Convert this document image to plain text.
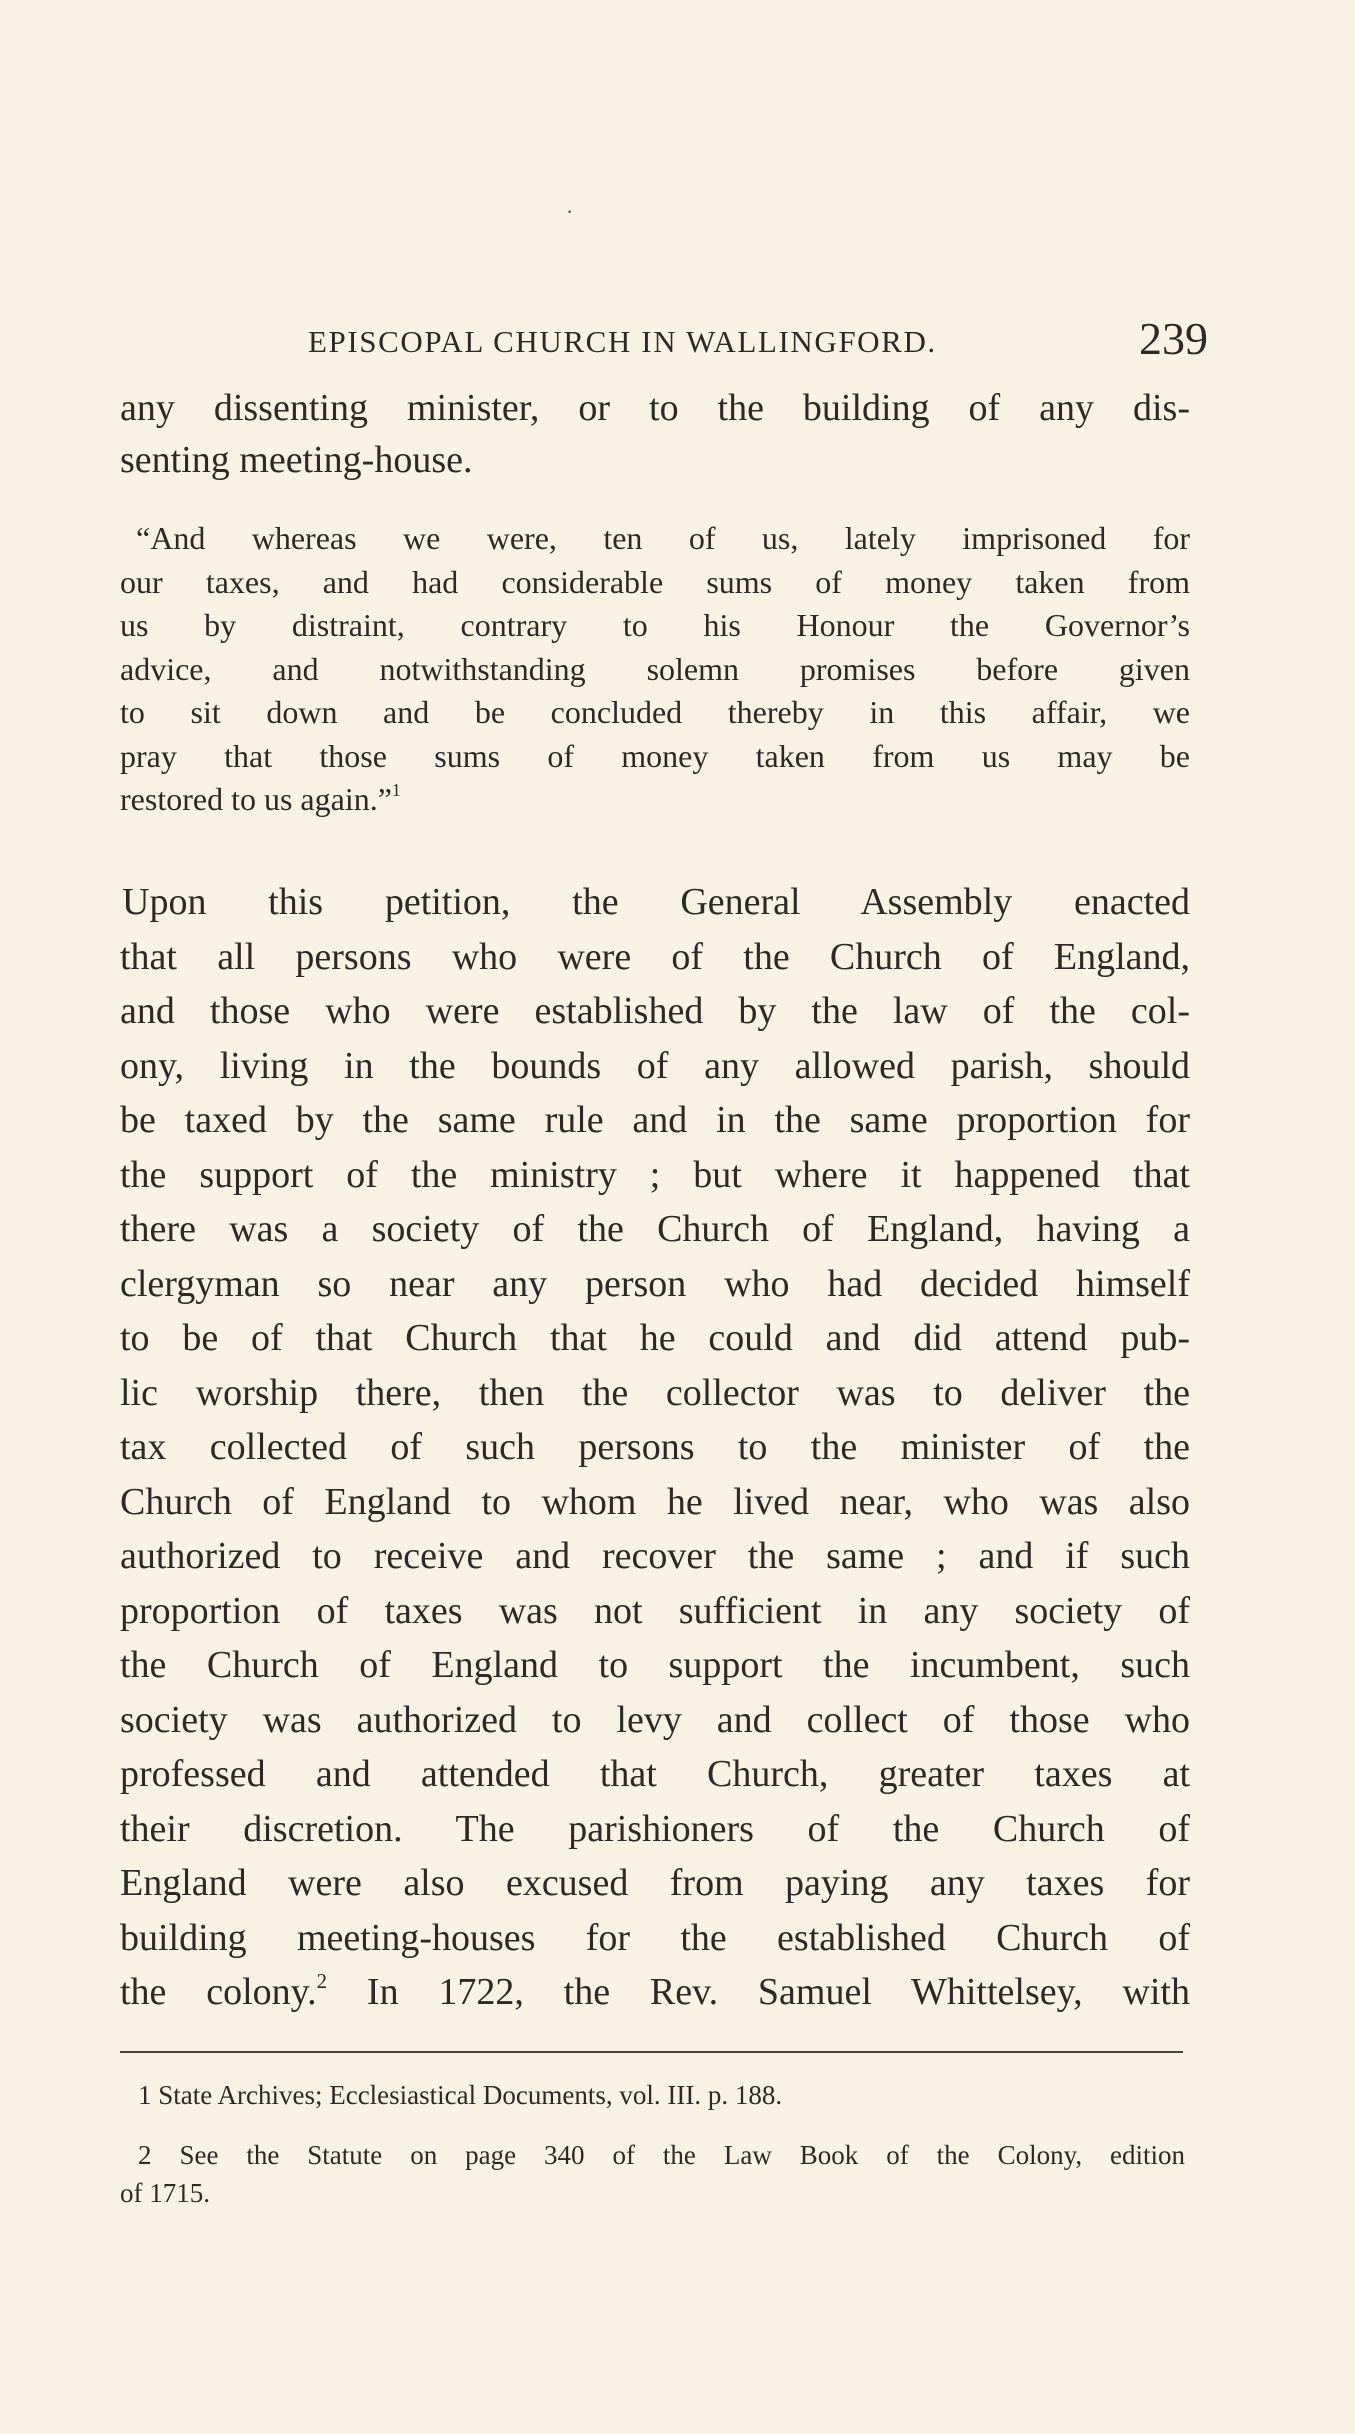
·
EPISCOPAL CHURCH IN WALLINGFORD.	239
any dissenting minister, or to the building of any dis-
senting meeting-house.
“And whereas we were, ten of us, lately imprisoned for
our taxes, and had considerable sums of money taken from
us by distraint, contrary to his Honour the Governor’s
advice, and notwithstanding solemn promises before given
to sit down and be concluded thereby in this affair, we
pray that those sums of money taken from us may be
restored to us again.”$^1$
Upon this petition, the General Assembly enacted
that all persons who were of the Church of England,
and those who were established by the law of the col-
ony, living in the bounds of any allowed parish, should
be taxed by the same rule and in the same proportion for
the support of the ministry ; but where it happened that
there was a society of the Church of England, having a
clergyman so near any person who had decided himself
to be of that Church that he could and did attend pub-
lic worship there, then the collector was to deliver the
tax collected of such persons to the minister of the
Church of England to whom he lived near, who was also
authorized to receive and recover the same ; and if such
proportion of taxes was not sufficient in any society of
the Church of England to support the incumbent, such
society was authorized to levy and collect of those who
professed and attended that Church, greater taxes at
their discretion. The parishioners of the Church of
England were also excused from paying any taxes for
building meeting-houses for the established Church of
the colony.$^2$ In 1722, the Rev. Samuel Whittelsey, with
1 State Archives; Ecclesiastical Documents, vol. III. p. 188.
2 See the Statute on page 340 of the Law Book of the Colony, edition
of 1715.
